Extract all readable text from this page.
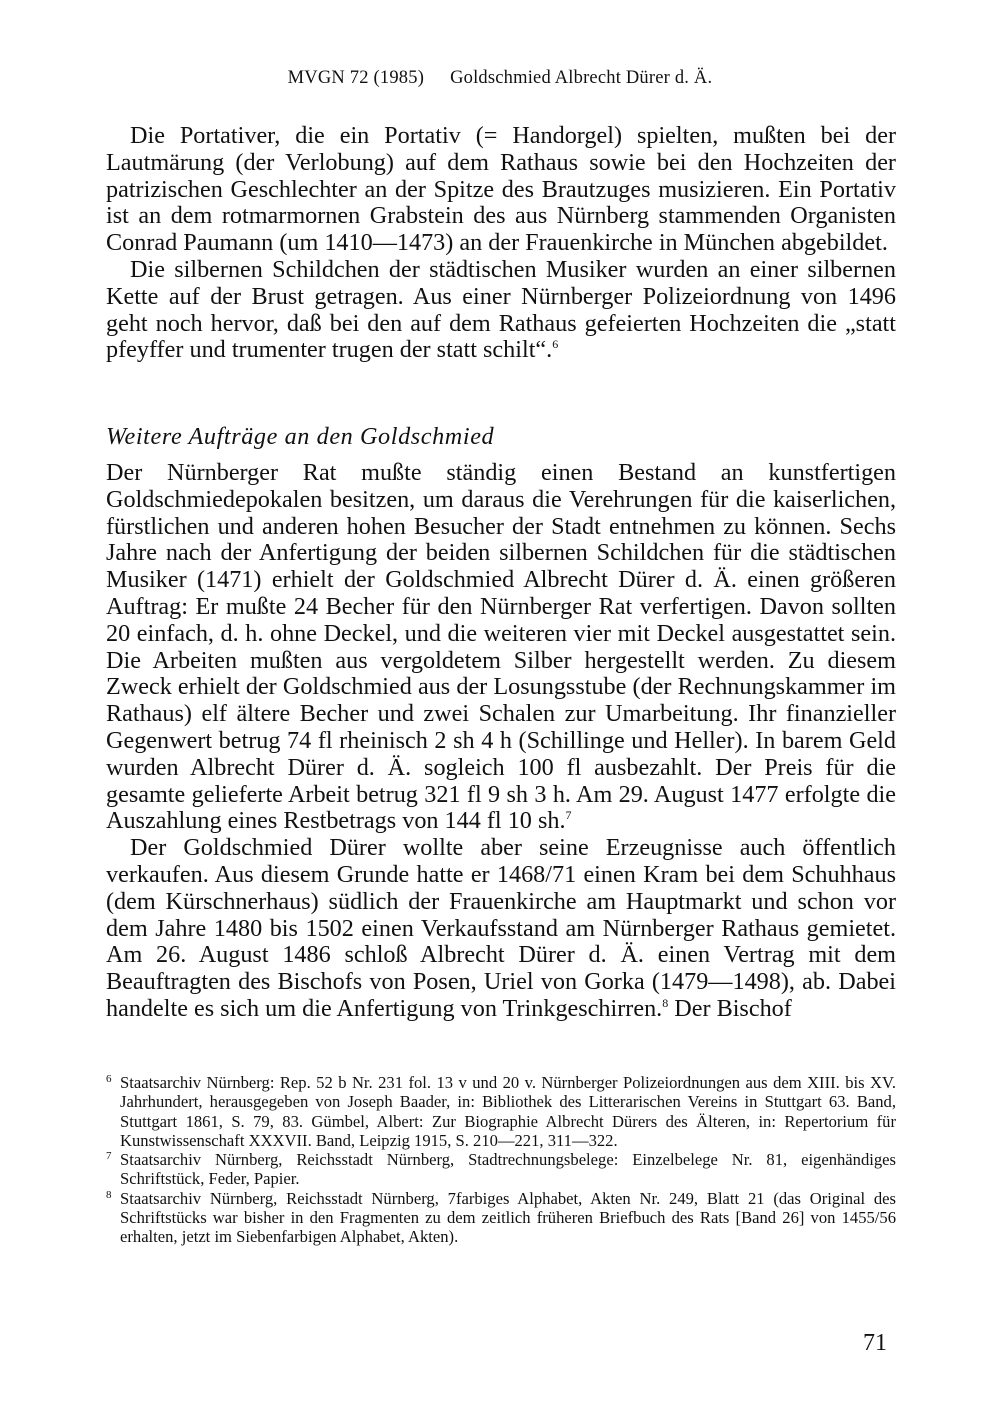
MVGN 72 (1985) Goldschmied Albrecht Dürer d. Ä.

Die Portativer, die ein Portativ (= Handorgel) spielten, mußten bei der Lautmärung (der Verlobung) auf dem Rathaus sowie bei den Hochzeiten der patrizischen Geschlechter an der Spitze des Brautzuges musizieren. Ein Portativ ist an dem rotmarmornen Grabstein des aus Nürnberg stammenden Organisten Conrad Paumann (um 1410—1473) an der Frauenkirche in München abgebildet.

Die silbernen Schildchen der städtischen Musiker wurden an einer silbernen Kette auf der Brust getragen. Aus einer Nürnberger Polizeiordnung von 1496 geht noch hervor, daß bei den auf dem Rathaus gefeierten Hochzeiten die „statt pfeyffer und trumenter trugen der statt schilt“.$^6$

Weitere Aufträge an den Goldschmied

Der Nürnberger Rat mußte ständig einen Bestand an kunstfertigen Goldschmiedepokalen besitzen, um daraus die Verehrungen für die kaiserlichen, fürstlichen und anderen hohen Besucher der Stadt entnehmen zu können. Sechs Jahre nach der Anfertigung der beiden silbernen Schildchen für die städtischen Musiker (1471) erhielt der Goldschmied Albrecht Dürer d. Ä. einen größeren Auftrag: Er mußte 24 Becher für den Nürnberger Rat verfertigen. Davon sollten 20 einfach, d. h. ohne Deckel, und die weiteren vier mit Deckel ausgestattet sein. Die Arbeiten mußten aus vergoldetem Silber hergestellt werden. Zu diesem Zweck erhielt der Goldschmied aus der Losungsstube (der Rechnungskammer im Rathaus) elf ältere Becher und zwei Schalen zur Umarbeitung. Ihr finanzieller Gegenwert betrug 74 fl rheinisch 2 sh 4 h (Schillinge und Heller). In barem Geld wurden Albrecht Dürer d. Ä. sogleich 100 fl ausbezahlt. Der Preis für die gesamte gelieferte Arbeit betrug 321 fl 9 sh 3 h. Am 29. August 1477 erfolgte die Auszahlung eines Restbetrags von 144 fl 10 sh.$^7$

Der Goldschmied Dürer wollte aber seine Erzeugnisse auch öffentlich verkaufen. Aus diesem Grunde hatte er 1468/71 einen Kram bei dem Schuhhaus (dem Kürschnerhaus) südlich der Frauenkirche am Hauptmarkt und schon vor dem Jahre 1480 bis 1502 einen Verkaufsstand am Nürnberger Rathaus gemietet. Am 26. August 1486 schloß Albrecht Dürer d. Ä. einen Vertrag mit dem Beauftragten des Bischofs von Posen, Uriel von Gorka (1479—1498), ab. Dabei handelte es sich um die Anfertigung von Trinkgeschirren.$^8$ Der Bischof

6 Staatsarchiv Nürnberg: Rep. 52 b Nr. 231 fol. 13 v und 20 v. Nürnberger Polizeiordnungen aus dem XIII. bis XV. Jahrhundert, herausgegeben von Joseph Baader, in: Bibliothek des Litterarischen Vereins in Stuttgart 63. Band, Stuttgart 1861, S. 79, 83. Gümbel, Albert: Zur Biographie Albrecht Dürers des Älteren, in: Repertorium für Kunstwissenschaft XXXVII. Band, Leipzig 1915, S. 210—221, 311—322.
7 Staatsarchiv Nürnberg, Reichsstadt Nürnberg, Stadtrechnungsbelege: Einzelbelege Nr. 81, eigenhändiges Schriftstück, Feder, Papier.
8 Staatsarchiv Nürnberg, Reichsstadt Nürnberg, 7farbiges Alphabet, Akten Nr. 249, Blatt 21 (das Original des Schriftstücks war bisher in den Fragmenten zu dem zeitlich früheren Briefbuch des Rats [Band 26] von 1455/56 erhalten, jetzt im Siebenfarbigen Alphabet, Akten).
71
